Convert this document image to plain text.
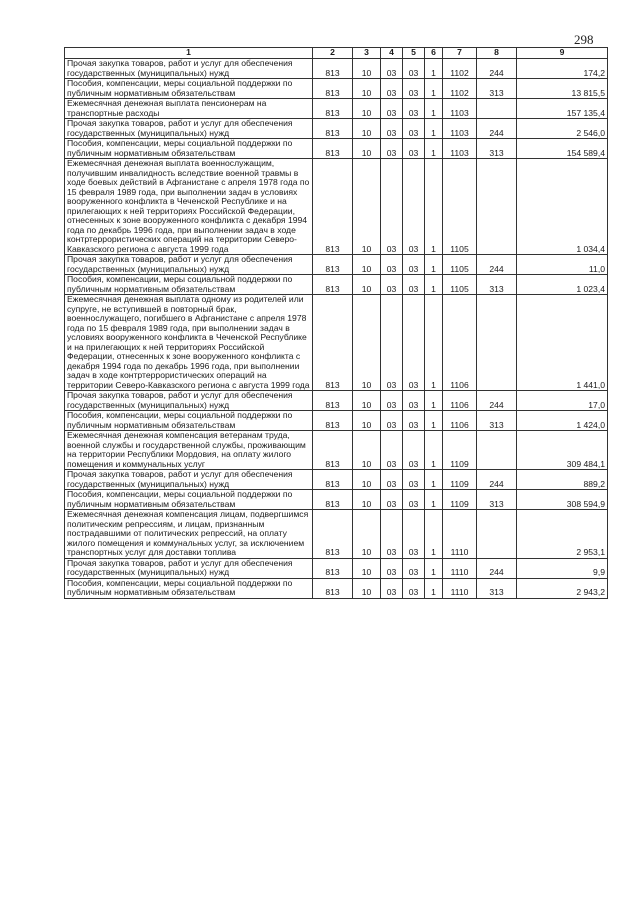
298
1	2	3	4	5	6	7	8	9
Прочая закупка товаров, работ и услуг для обеспечения государственных (муниципальных) нужд	813	10	03	03	1	1102	244	174,2
Пособия, компенсации, меры социальной поддержки по публичным нормативным обязательствам	813	10	03	03	1	1102	313	13 815,5
Ежемесячная денежная выплата пенсионерам на транспортные расходы	813	10	03	03	1	1103		157 135,4
Прочая закупка товаров, работ и услуг для обеспечения государственных (муниципальных) нужд	813	10	03	03	1	1103	244	2 546,0
Пособия, компенсации, меры социальной поддержки по публичным нормативным обязательствам	813	10	03	03	1	1103	313	154 589,4
Ежемесячная денежная выплата военнослужащим, получившим инвалидность вследствие военной травмы в ходе боевых действий в Афганистане с апреля 1978 года по 15 февраля 1989 года, при выполнении задач в условиях вооруженного конфликта в Чеченской Республике и на прилегающих к ней территориях Российской Федерации, отнесенных к зоне вооруженного конфликта с декабря 1994 года по декабрь 1996 года, при выполнении задач в ходе контртеррористических операций на территории Северо-Кавказского региона с августа 1999 года	813	10	03	03	1	1105		1 034,4
Прочая закупка товаров, работ и услуг для обеспечения государственных (муниципальных) нужд	813	10	03	03	1	1105	244	11,0
Пособия, компенсации, меры социальной поддержки по публичным нормативным обязательствам	813	10	03	03	1	1105	313	1 023,4
Ежемесячная денежная выплата одному из родителей или супруге, не вступившей в повторный брак, военнослужащего, погибшего в Афганистане с апреля 1978 года по 15 февраля 1989 года, при выполнении задач в условиях вооруженного конфликта в Чеченской Республике и на прилегающих к ней территориях Российской Федерации, отнесенных к зоне вооруженного конфликта с декабря 1994 года по декабрь 1996 года, при выполнении задач в ходе контртеррористических операций на территории Северо-Кавказского региона с августа 1999 года	813	10	03	03	1	1106		1 441,0
Прочая закупка товаров, работ и услуг для обеспечения государственных (муниципальных) нужд	813	10	03	03	1	1106	244	17,0
Пособия, компенсации, меры социальной поддержки по публичным нормативным обязательствам	813	10	03	03	1	1106	313	1 424,0
Ежемесячная денежная компенсация ветеранам труда, военной службы и государственной службы, проживающим на территории Республики Мордовия, на оплату жилого помещения и коммунальных услуг	813	10	03	03	1	1109		309 484,1
Прочая закупка товаров, работ и услуг для обеспечения государственных (муниципальных) нужд	813	10	03	03	1	1109	244	889,2
Пособия, компенсации, меры социальной поддержки по публичным нормативным обязательствам	813	10	03	03	1	1109	313	308 594,9
Ежемесячная денежная компенсация лицам, подвергшимся политическим репрессиям, и лицам, признанным пострадавшими от политических репрессий, на оплату жилого помещения и коммунальных услуг, за исключением транспортных услуг для доставки топлива	813	10	03	03	1	1110		2 953,1
Прочая закупка товаров, работ и услуг для обеспечения государственных (муниципальных) нужд	813	10	03	03	1	1110	244	9,9
Пособия, компенсации, меры социальной поддержки по публичным нормативным обязательствам	813	10	03	03	1	1110	313	2 943,2
